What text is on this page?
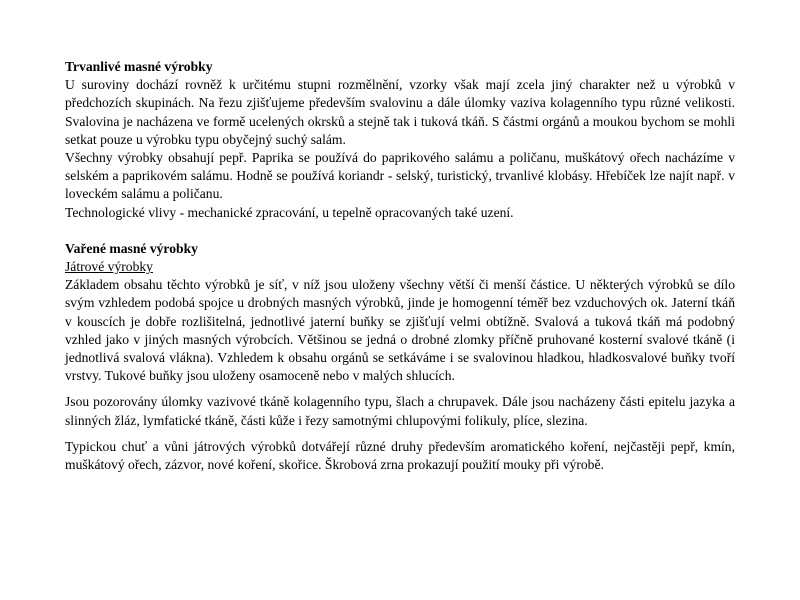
Trvanlivé masné výrobky

U suroviny dochází rovněž k určitému stupni rozmělnění, vzorky však mají zcela jiný charakter než u výrobků v předchozích skupinách. Na řezu zjišťujeme především svalovinu a dále úlomky vaziva kolagenního typu různé velikosti. Svalovina je nacházena ve formě ucelených okrsků a stejně tak i tuková tkáň. S částmi orgánů a moukou bychom se mohli setkat pouze u výrobku typu obyčejný suchý salám.

Všechny výrobky obsahují pepř. Paprika se používá do paprikového salámu a poličanu, muškátový ořech nacházíme v selském a paprikovém salámu. Hodně se používá koriandr - selský, turistický, trvanlivé klobásy. Hřebíček lze najít např. v loveckém salámu a poličanu.

Technologické vlivy - mechanické zpracování, u tepelně opracovaných také uzení.

Vařené masné výrobky

Játrové výrobky

Základem obsahu těchto výrobků je síť, v níž jsou uloženy všechny větší či menší částice. U některých výrobků se dílo svým vzhledem podobá spojce u drobných masných výrobků, jinde je homogenní téměř bez vzduchových ok. Jaterní tkáň v kouscích je dobře rozlišitelná, jednotlivé jaterní buňky se zjišťují velmi obtížně. Svalová a tuková tkáň má podobný vzhled jako v jiných masných výrobcích. Většinou se jedná o drobné zlomky příčně pruhované kosterní svalové tkáně (i jednotlivá svalová vlákna). Vzhledem k obsahu orgánů se setkáváme i se svalovinou hladkou, hladkosvalové buňky tvoří vrstvy. Tukové buňky jsou uloženy osamoceně nebo v malých shlucích.

Jsou pozorovány úlomky vazivové tkáně kolagenního typu, šlach a chrupavek. Dále jsou nacházeny části epitelu jazyka a slinných žláz, lymfatické tkáně, části kůže i řezy samotnými chlupovými folikuly, plíce, slezina.

Typickou chuť a vůni játrových výrobků dotvářejí různé druhy především aromatického koření, nejčastěji pepř, kmín, muškátový ořech, zázvor, nové koření, skořice. Škrobová zrna prokazují použití mouky při výrobě.
